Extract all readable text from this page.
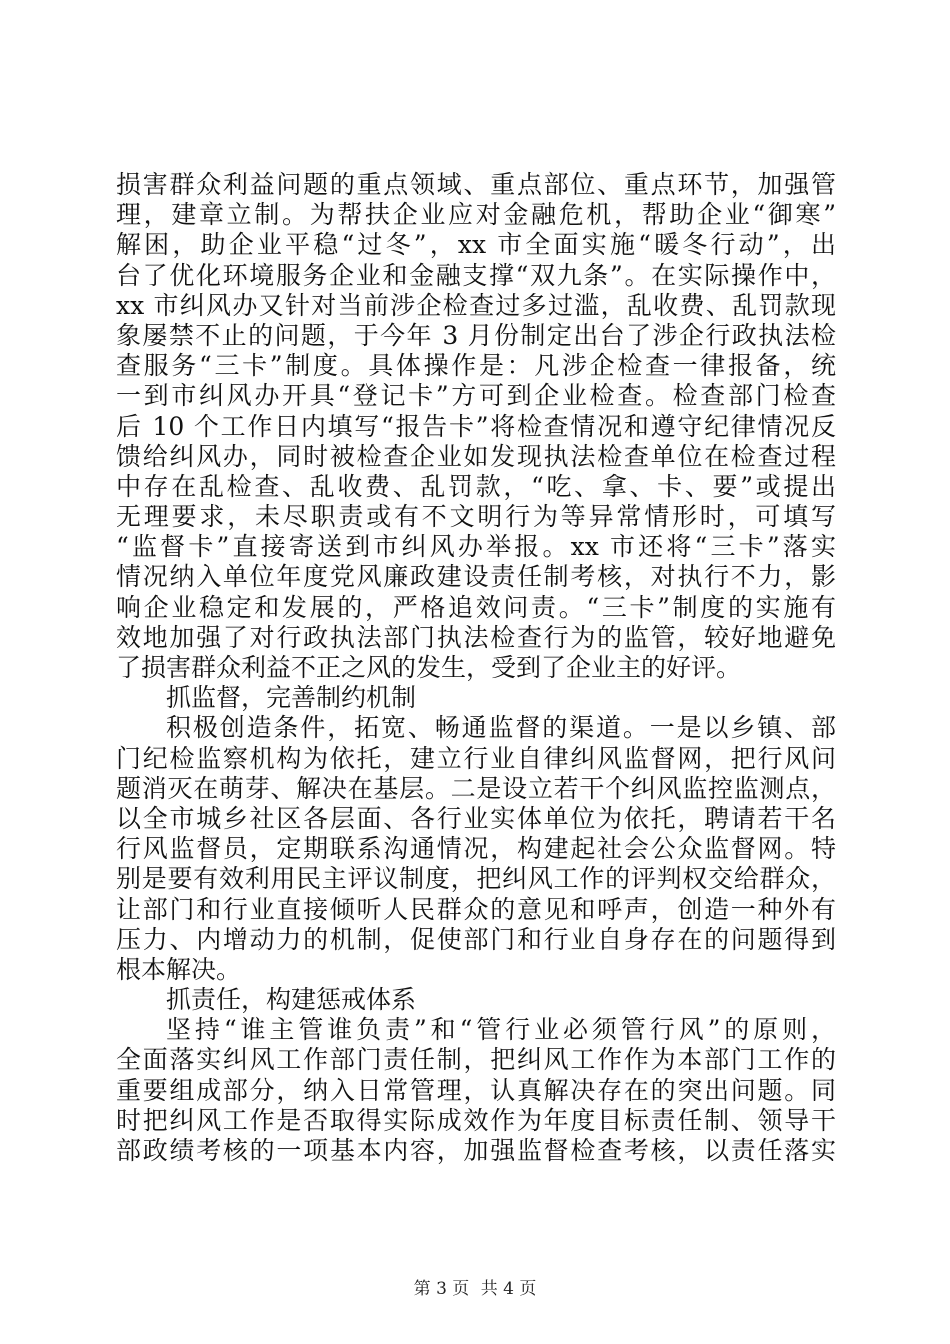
损害群众利益问题的重点领域、重点部位、重点环节，加强管
理，建章立制。为帮扶企业应对金融危机，帮助企业“御寒”
解困，助企业平稳“过冬”，xx 市全面实施“暖冬行动”，出
台了优化环境服务企业和金融支撑“双九条”。在实际操作中，
xx 市纠风办又针对当前涉企检查过多过滥，乱收费、乱罚款现
象屡禁不止的问题，于今年 3 月份制定出台了涉企行政执法检
查服务“三卡”制度。具体操作是：凡涉企检查一律报备，统
一到市纠风办开具“登记卡”方可到企业检查。检查部门检查
后 10 个工作日内填写“报告卡”将检查情况和遵守纪律情况反
馈给纠风办，同时被检查企业如发现执法检查单位在检查过程
中存在乱检查、乱收费、乱罚款，“吃、拿、卡、要”或提出
无理要求，未尽职责或有不文明行为等异常情形时，可填写
“监督卡”直接寄送到市纠风办举报。xx 市还将“三卡”落实
情况纳入单位年度党风廉政建设责任制考核，对执行不力，影
响企业稳定和发展的，严格追效问责。“三卡”制度的实施有
效地加强了对行政执法部门执法检查行为的监管，较好地避免
了损害群众利益不正之风的发生，受到了企业主的好评。
抓监督，完善制约机制
积极创造条件，拓宽、畅通监督的渠道。一是以乡镇、部
门纪检监察机构为依托，建立行业自律纠风监督网，把行风问
题消灭在萌芽、解决在基层。二是设立若干个纠风监控监测点，
以全市城乡社区各层面、各行业实体单位为依托，聘请若干名
行风监督员，定期联系沟通情况，构建起社会公众监督网。特
别是要有效利用民主评议制度，把纠风工作的评判权交给群众，
让部门和行业直接倾听人民群众的意见和呼声，创造一种外有
压力、内增动力的机制，促使部门和行业自身存在的问题得到
根本解决。
抓责任，构建惩戒体系
坚持“谁主管谁负责”和“管行业必须管行风”的原则，
全面落实纠风工作部门责任制，把纠风工作作为本部门工作的
重要组成部分，纳入日常管理，认真解决存在的突出问题。同
时把纠风工作是否取得实际成效作为年度目标责任制、领导干
部政绩考核的一项基本内容，加强监督检查考核，以责任落实
第 3 页 共 4 页
